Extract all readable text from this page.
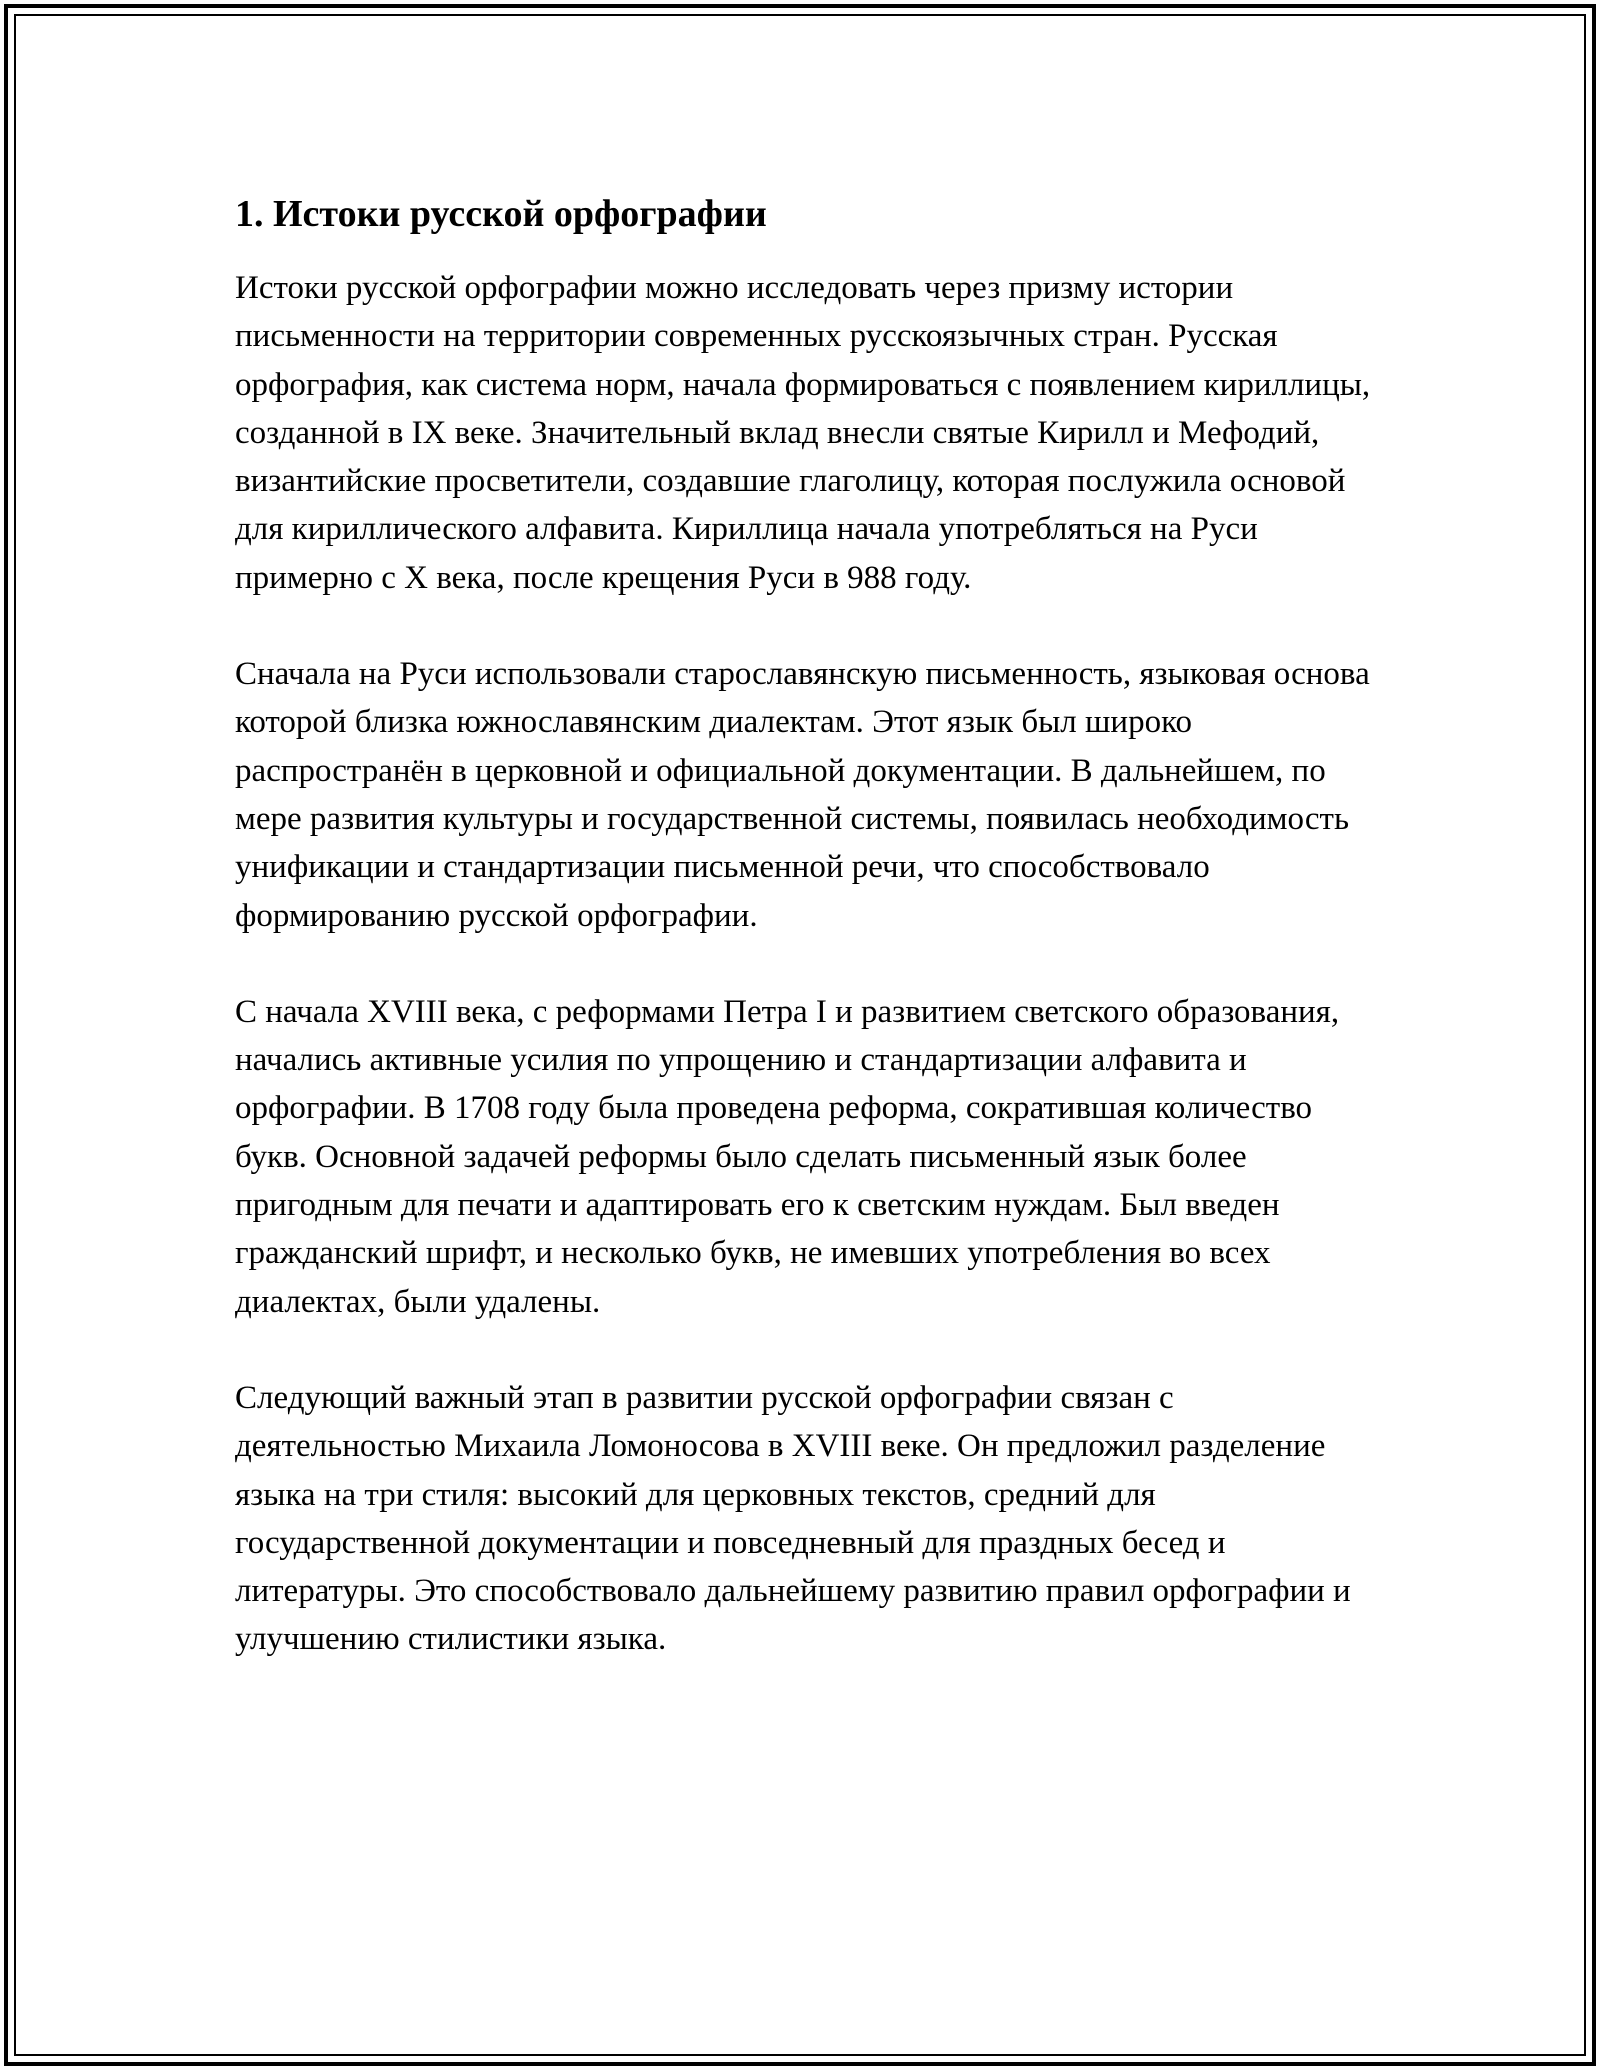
1. Истоки русской орфографии

Истоки русской орфографии можно исследовать через призму истории письменности на территории современных русскоязычных стран. Русская орфография, как система норм, начала формироваться с появлением кириллицы, созданной в IX веке. Значительный вклад внесли святые Кирилл и Мефодий, византийские просветители, создавшие глаголицу, которая послужила основой для кириллического алфавита. Кириллица начала употребляться на Руси примерно с X века, после крещения Руси в 988 году.

Сначала на Руси использовали старославянскую письменность, языковая основа которой близка южнославянским диалектам. Этот язык был широко распространён в церковной и официальной документации. В дальнейшем, по мере развития культуры и государственной системы, появилась необходимость унификации и стандартизации письменной речи, что способствовало формированию русской орфографии.

С начала XVIII века, с реформами Петра I и развитием светского образования, начались активные усилия по упрощению и стандартизации алфавита и орфографии. В 1708 году была проведена реформа, сократившая количество букв. Основной задачей реформы было сделать письменный язык более пригодным для печати и адаптировать его к светским нуждам. Был введен гражданский шрифт, и несколько букв, не имевших употребления во всех диалектах, были удалены.

Следующий важный этап в развитии русской орфографии связан с деятельностью Михаила Ломоносова в XVIII веке. Он предложил разделение языка на три стиля: высокий для церковных текстов, средний для государственной документации и повседневный для праздных бесед и литературы. Это способствовало дальнейшему развитию правил орфографии и улучшению стилистики языка.
